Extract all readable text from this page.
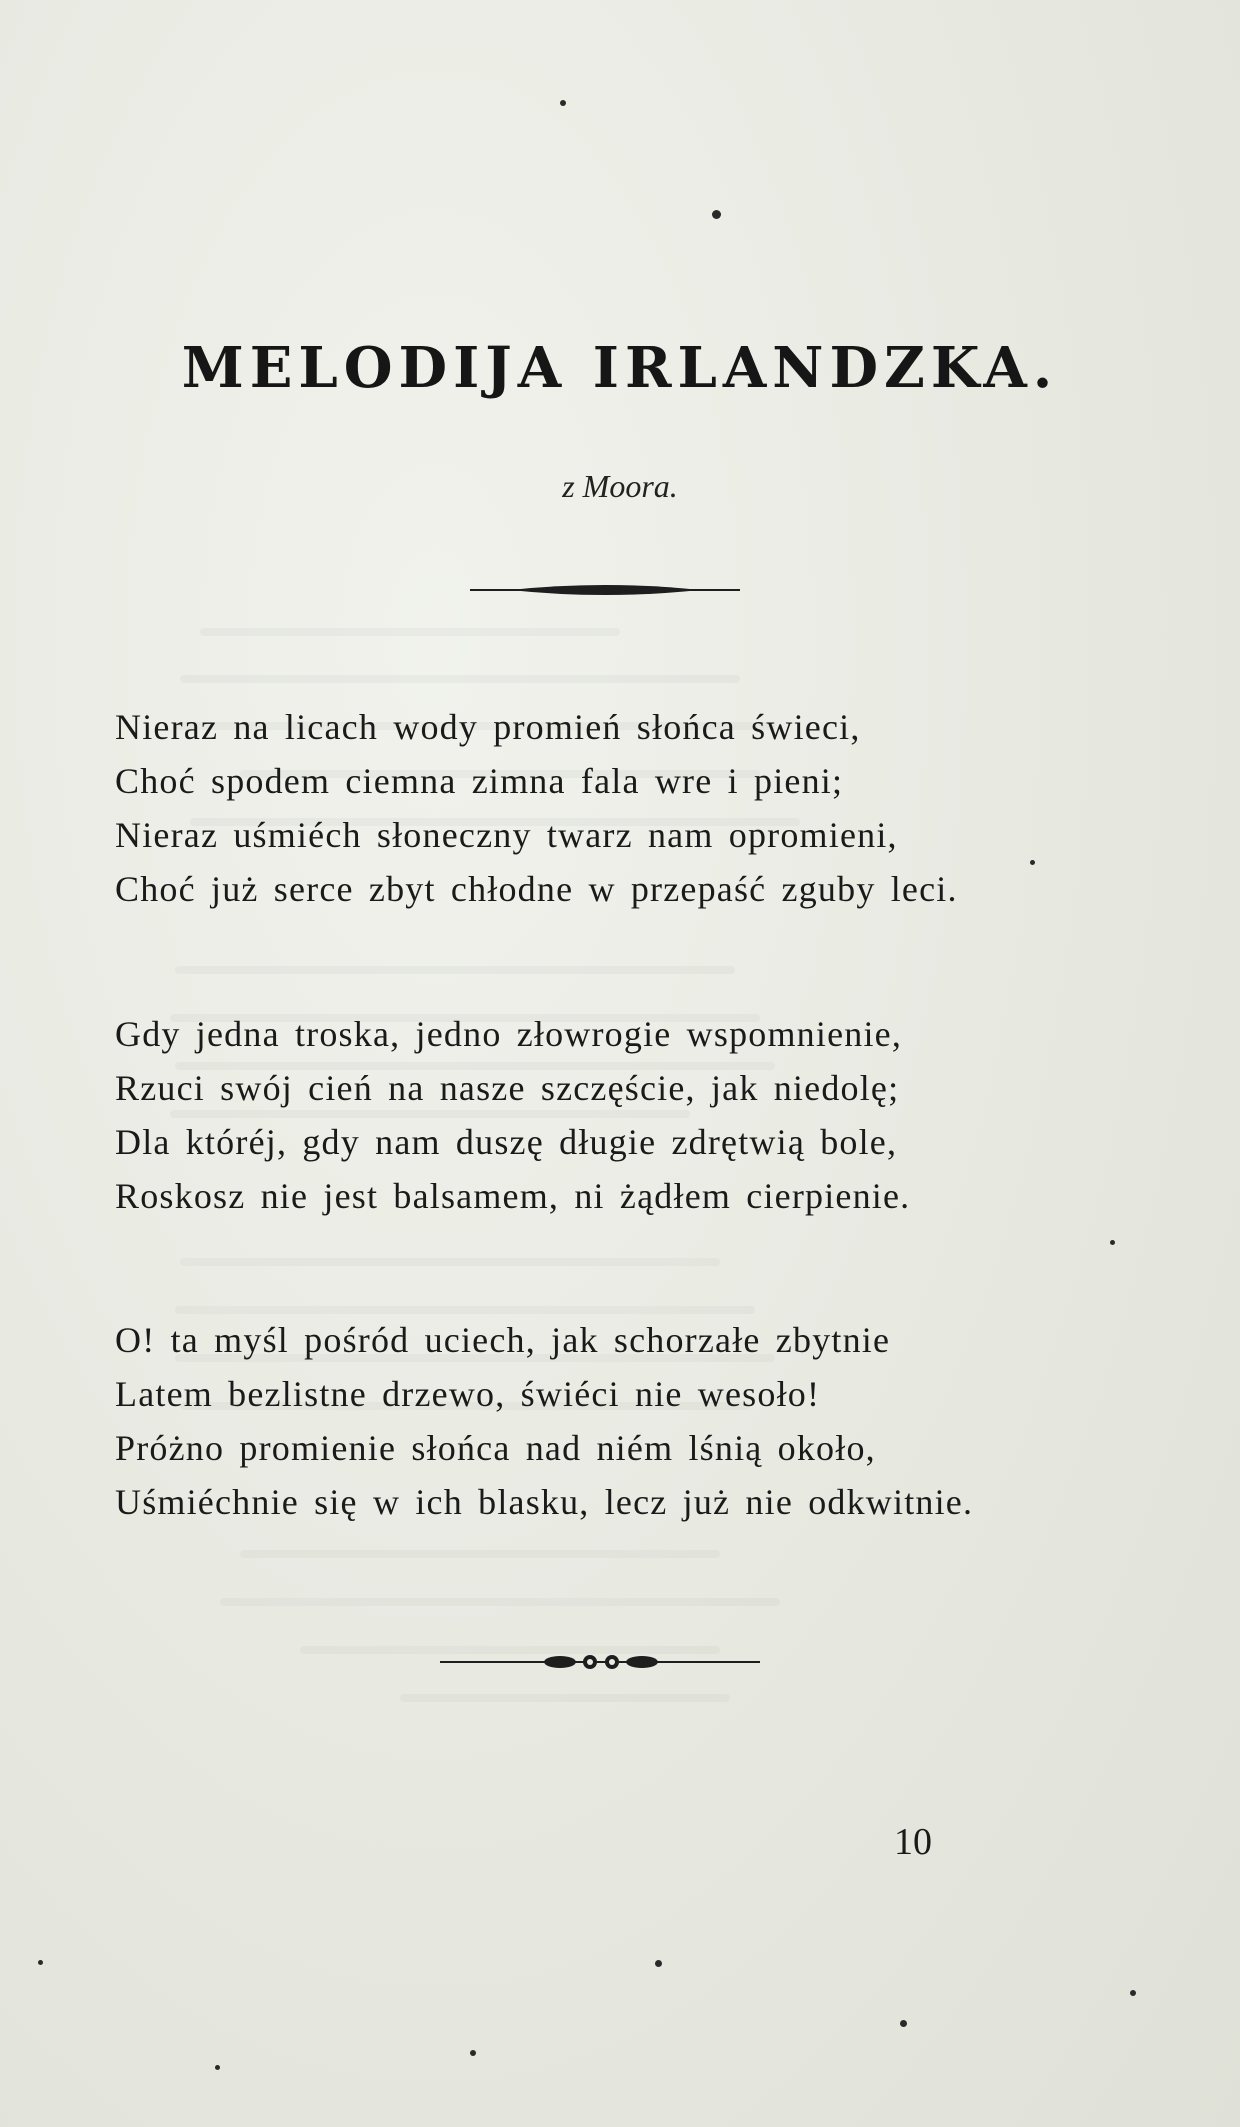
MELODIJA IRLANDZKA.
z Moora.
Nieraz na licach wody promień słońca świeci,
Choć spodem ciemna zimna fala wre i pieni;
Nieraz uśmiéch słoneczny twarz nam opromieni,
Choć już serce zbyt chłodne w przepaść zguby leci.
Gdy jedna troska, jedno złowrogie wspomnienie,
Rzuci swój cień na nasze szczęście, jak niedolę;
Dla któréj, gdy nam duszę długie zdrętwią bole,
Roskosz nie jest balsamem, ni żądłem cierpienie.
O! ta myśl pośród uciech, jak schorzałe zbytnie
Latem bezlistne drzewo, świéci nie wesoło!
Próżno promienie słońca nad niém lśnią około,
Uśmiéchnie się w ich blasku, lecz już nie odkwitnie.
10
